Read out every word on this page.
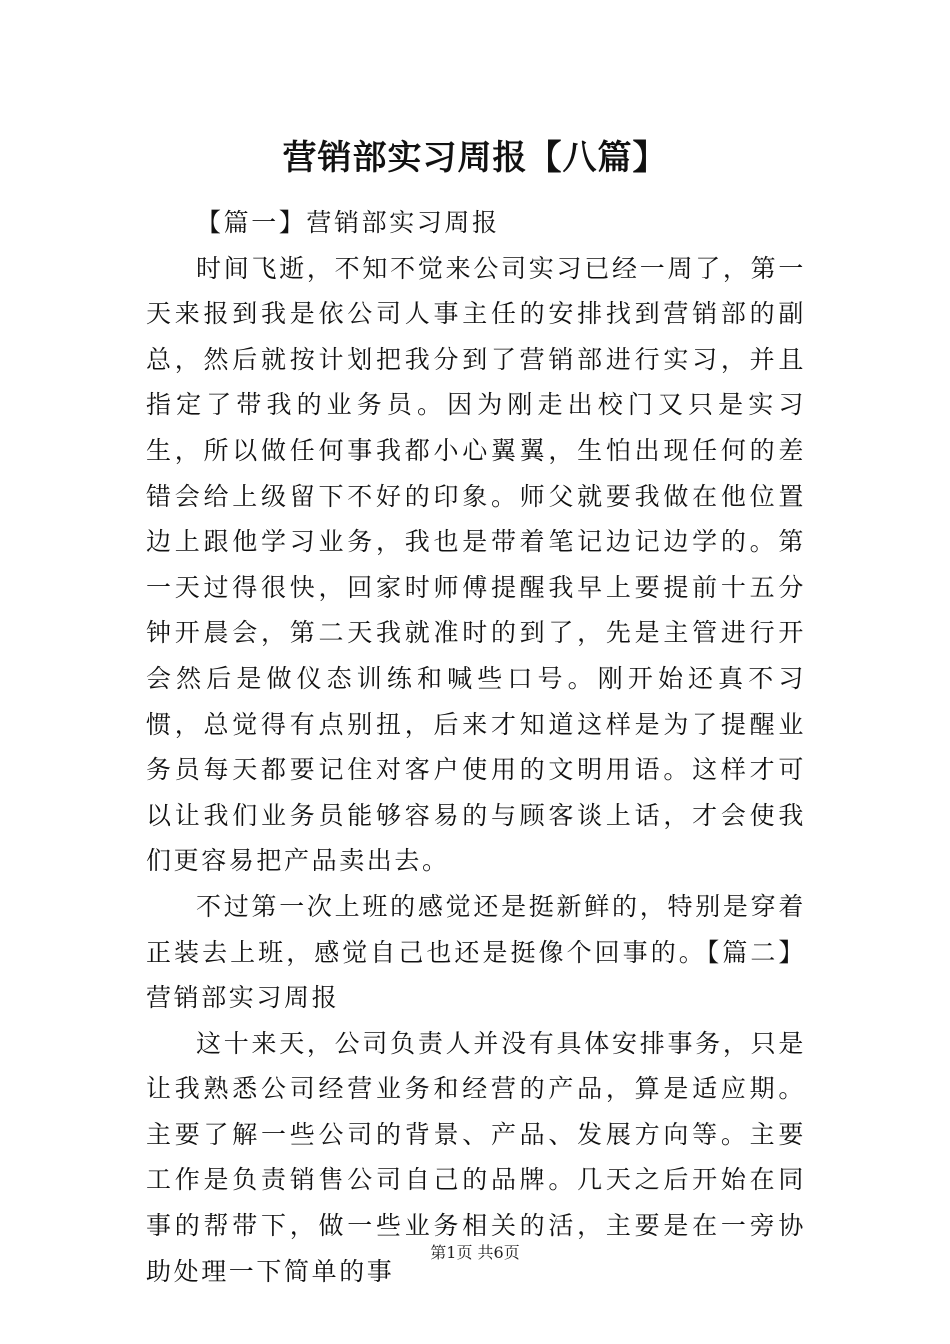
营销部实习周报【八篇】

【篇一】营销部实习周报

时间飞逝，不知不觉来公司实习已经一周了，第一天来报到我是依公司人事主任的安排找到营销部的副总，然后就按计划把我分到了营销部进行实习，并且指定了带我的业务员。因为刚走出校门又只是实习生，所以做任何事我都小心翼翼，生怕出现任何的差错会给上级留下不好的印象。师父就要我做在他位置边上跟他学习业务，我也是带着笔记边记边学的。第一天过得很快，回家时师傅提醒我早上要提前十五分钟开晨会，第二天我就准时的到了，先是主管进行开会然后是做仪态训练和喊些口号。刚开始还真不习惯，总觉得有点别扭，后来才知道这样是为了提醒业务员每天都要记住对客户使用的文明用语。这样才可以让我们业务员能够容易的与顾客谈上话，才会使我们更容易把产品卖出去。

不过第一次上班的感觉还是挺新鲜的，特别是穿着正装去上班，感觉自己也还是挺像个回事的。【篇二】营销部实习周报

这十来天，公司负责人并没有具体安排事务，只是让我熟悉公司经营业务和经营的产品，算是适应期。主要了解一些公司的背景、产品、发展方向等。主要工作是负责销售公司自己的品牌。几天之后开始在同事的帮带下，做一些业务相关的活，主要是在一旁协助处理一下简单的事

第1页 共6页
